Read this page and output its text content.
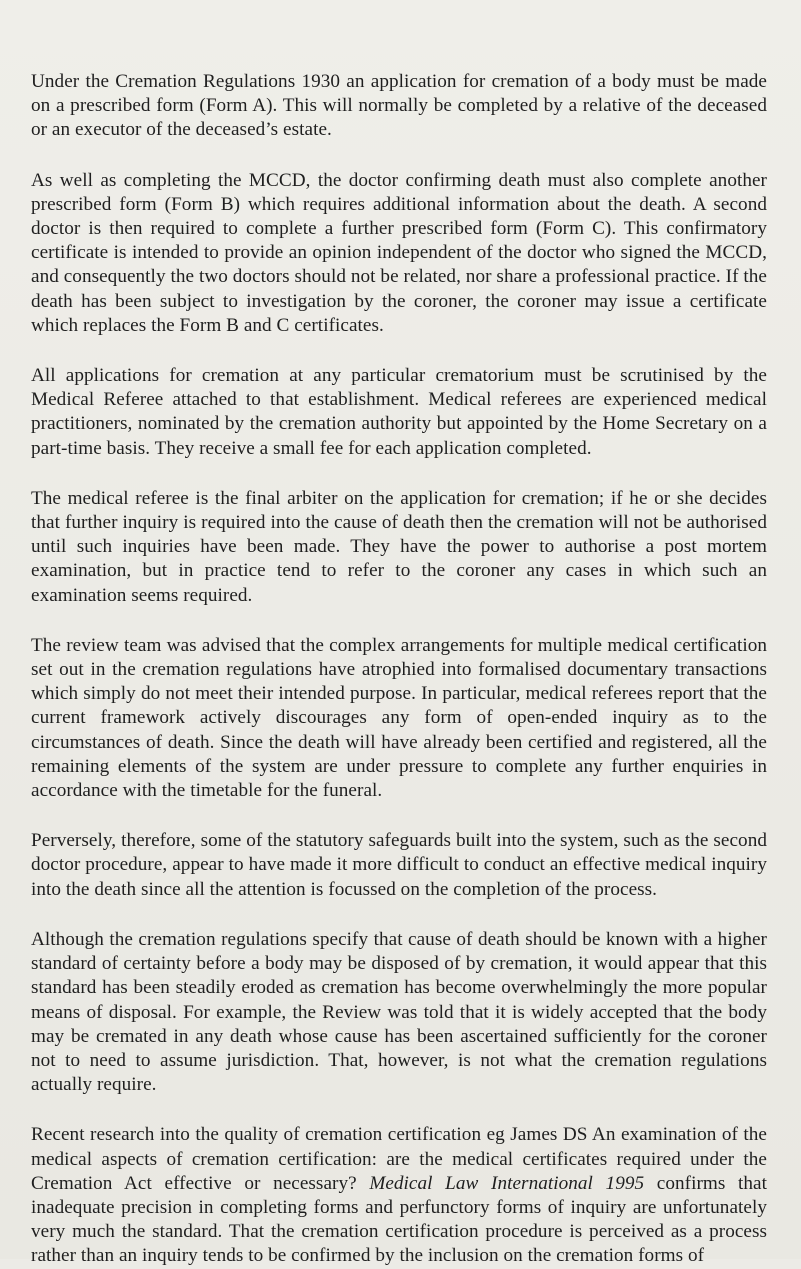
Under the Cremation Regulations 1930 an application for cremation of a body must be made on a prescribed form (Form A). This will normally be completed by a relative of the deceased or an executor of the deceased’s estate.

As well as completing the MCCD, the doctor confirming death must also complete another prescribed form (Form B) which requires additional information about the death. A second doctor is then required to complete a further prescribed form (Form C). This confirmatory certificate is intended to provide an opinion independent of the doctor who signed the MCCD, and consequently the two doctors should not be related, nor share a professional practice. If the death has been subject to investigation by the coroner, the coroner may issue a certificate which replaces the Form B and C certificates.

All applications for cremation at any particular crematorium must be scrutinised by the Medical Referee attached to that establishment. Medical referees are experienced medical practitioners, nominated by the cremation authority but appointed by the Home Secretary on a part-time basis. They receive a small fee for each application completed.

The medical referee is the final arbiter on the application for cremation; if he or she decides that further inquiry is required into the cause of death then the cremation will not be authorised until such inquiries have been made. They have the power to authorise a post mortem examination, but in practice tend to refer to the coroner any cases in which such an examination seems required.

The review team was advised that the complex arrangements for multiple medical certification set out in the cremation regulations have atrophied into formalised documentary transactions which simply do not meet their intended purpose. In particular, medical referees report that the current framework actively discourages any form of open-ended inquiry as to the circumstances of death. Since the death will have already been certified and registered, all the remaining elements of the system are under pressure to complete any further enquiries in accordance with the timetable for the funeral.

Perversely, therefore, some of the statutory safeguards built into the system, such as the second doctor procedure, appear to have made it more difficult to conduct an effective medical inquiry into the death since all the attention is focussed on the completion of the process.

Although the cremation regulations specify that cause of death should be known with a higher standard of certainty before a body may be disposed of by cremation, it would appear that this standard has been steadily eroded as cremation has become overwhelmingly the more popular means of disposal. For example, the Review was told that it is widely accepted that the body may be cremated in any death whose cause has been ascertained sufficiently for the coroner not to need to assume jurisdiction. That, however, is not what the cremation regulations actually require.

Recent research into the quality of cremation certification eg James DS An examination of the medical aspects of cremation certification: are the medical certificates required under the Cremation Act effective or necessary? Medical Law International 1995 confirms that inadequate precision in completing forms and perfunctory forms of inquiry are unfortunately very much the standard. That the cremation certification procedure is perceived as a process rather than an inquiry tends to be confirmed by the inclusion on the cremation forms of
